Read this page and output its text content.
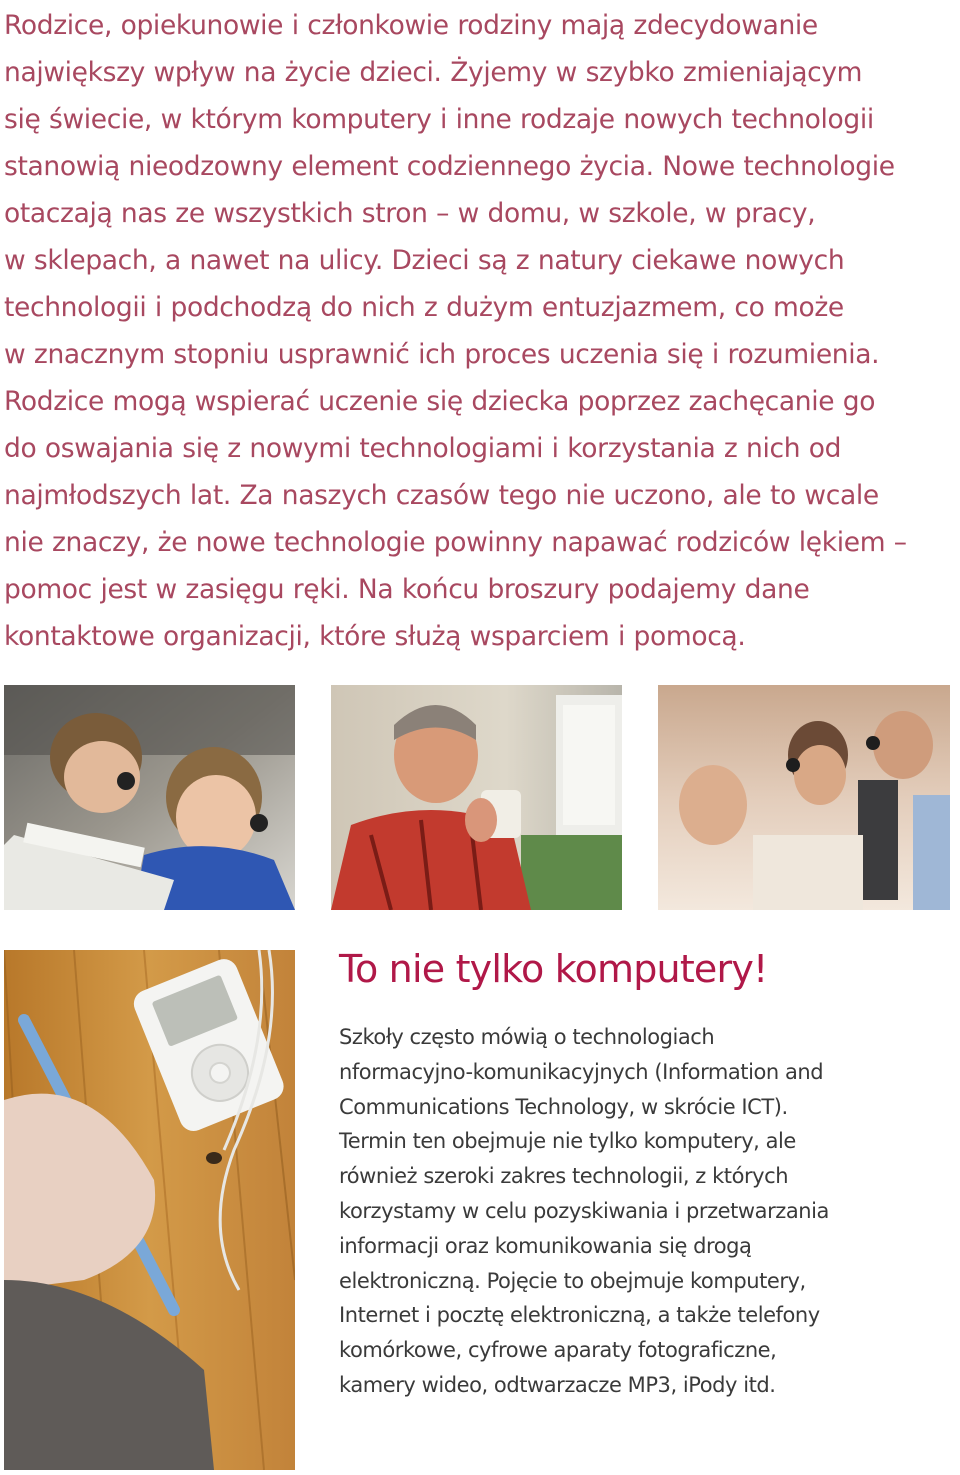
Rodzice, opiekunowie i członkowie rodziny mają zdecydowanie
największy wpływ na życie dzieci. Żyjemy w szybko zmieniającym
się świecie, w którym komputery i inne rodzaje nowych technologii
stanowią nieodzowny element codziennego życia. Nowe technologie
otaczają nas ze wszystkich stron – w domu, w szkole, w pracy,
w sklepach, a nawet na ulicy. Dzieci są z natury ciekawe nowych
technologii i podchodzą do nich z dużym entuzjazmem, co może
w znacznym stopniu usprawnić ich proces uczenia się i rozumienia.
Rodzice mogą wspierać uczenie się dziecka poprzez zachęcanie go
do oswajania się z nowymi technologiami i korzystania z nich od
najmłodszych lat. Za naszych czasów tego nie uczono, ale to wcale
nie znaczy, że nowe technologie powinny napawać rodziców lękiem –
pomoc jest w zasięgu ręki. Na końcu broszury podajemy dane
kontaktowe organizacji, które służą wsparciem i pomocą.
To nie tylko komputery!
Szkoły często mówią o technologiach
nformacyjno-komunikacyjnych (Information and
Communications Technology, w skrócie ICT).
Termin ten obejmuje nie tylko komputery, ale
również szeroki zakres technologii, z których
korzystamy w celu pozyskiwania i przetwarzania
informacji oraz komunikowania się drogą
elektroniczną. Pojęcie to obejmuje komputery,
Internet i pocztę elektroniczną, a także telefony
komórkowe, cyfrowe aparaty fotograficzne,
kamery wideo, odtwarzacze MP3, iPody itd.
